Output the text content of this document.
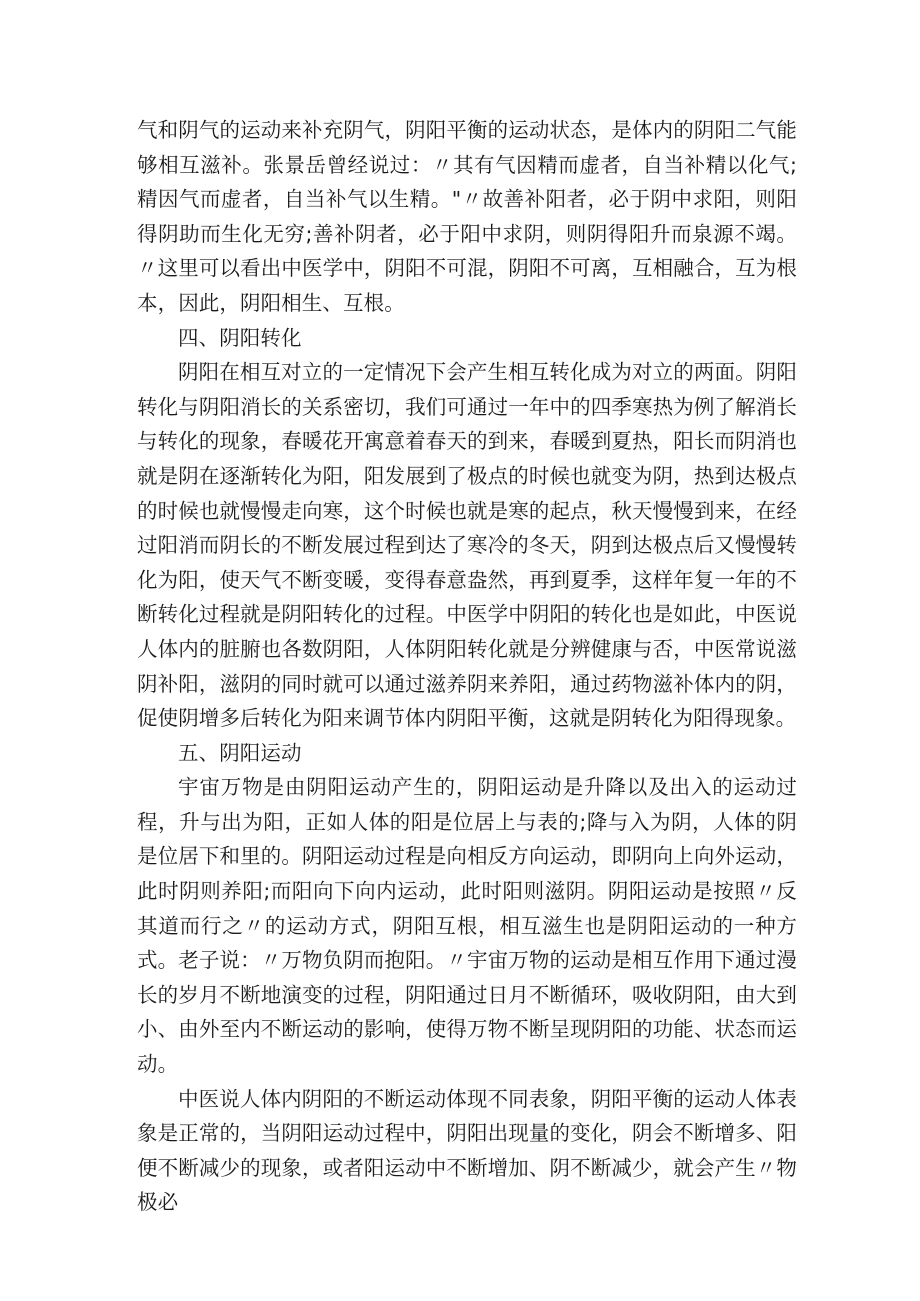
气和阴气的运动来补充阴气，阴阳平衡的运动状态，是体内的阴阳二气能够相互滋补。张景岳曾经说过：〃其有气因精而虚者，自当补精以化气;精因气而虚者，自当补气以生精。"〃故善补阳者，必于阴中求阳，则阳得阴助而生化无穷;善补阴者，必于阳中求阴，则阴得阳升而泉源不竭。〃这里可以看出中医学中，阴阳不可混，阴阳不可离，互相融合，互为根本，因此，阴阳相生、互根。

四、阴阳转化

阴阳在相互对立的一定情况下会产生相互转化成为对立的两面。阴阳转化与阴阳消长的关系密切，我们可通过一年中的四季寒热为例了解消长与转化的现象，春暖花开寓意着春天的到来，春暖到夏热，阳长而阴消也就是阴在逐渐转化为阳，阳发展到了极点的时候也就变为阴，热到达极点的时候也就慢慢走向寒，这个时候也就是寒的起点，秋天慢慢到来，在经过阳消而阴长的不断发展过程到达了寒冷的冬天，阴到达极点后又慢慢转化为阳，使天气不断变暖，变得春意盎然，再到夏季，这样年复一年的不断转化过程就是阴阳转化的过程。中医学中阴阳的转化也是如此，中医说人体内的脏腑也各数阴阳，人体阴阳转化就是分辨健康与否，中医常说滋阴补阳，滋阴的同时就可以通过滋养阴来养阳，通过药物滋补体内的阴，促使阴增多后转化为阳来调节体内阴阳平衡，这就是阴转化为阳得现象。

五、阴阳运动

宇宙万物是由阴阳运动产生的，阴阳运动是升降以及出入的运动过程，升与出为阳，正如人体的阳是位居上与表的;降与入为阴，人体的阴是位居下和里的。阴阳运动过程是向相反方向运动，即阴向上向外运动，此时阴则养阳;而阳向下向内运动，此时阳则滋阴。阴阳运动是按照〃反其道而行之〃的运动方式，阴阳互根，相互滋生也是阴阳运动的一种方式。老子说：〃万物负阴而抱阳。〃宇宙万物的运动是相互作用下通过漫长的岁月不断地演变的过程，阴阳通过日月不断循环，吸收阴阳，由大到小、由外至内不断运动的影响，使得万物不断呈现阴阳的功能、状态而运动。

中医说人体内阴阳的不断运动体现不同表象，阴阳平衡的运动人体表象是正常的，当阴阳运动过程中，阴阳出现量的变化，阴会不断增多、阳便不断减少的现象，或者阳运动中不断增加、阴不断减少，就会产生〃物极必
